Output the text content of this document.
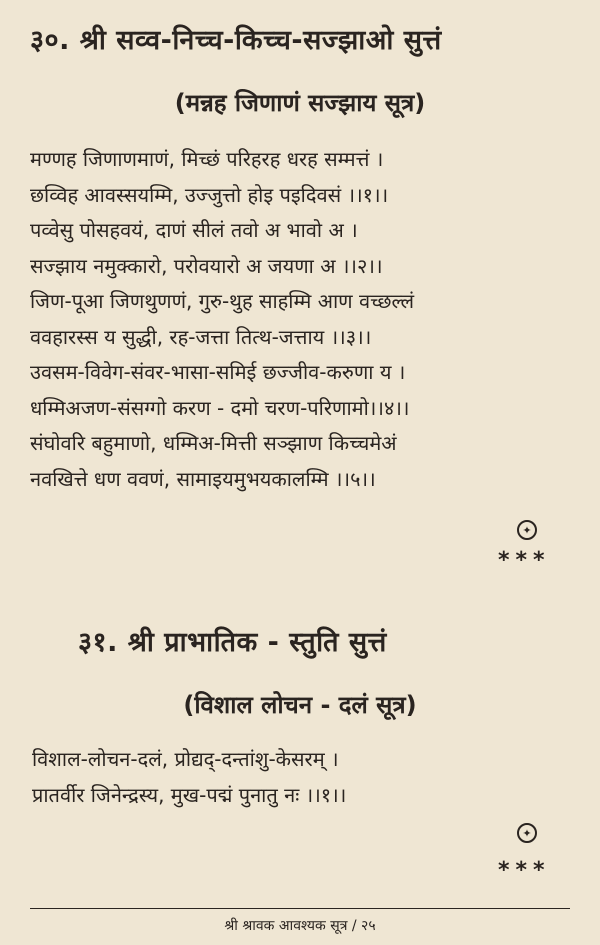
३०. श्री सव्व-निच्च-किच्च-सज्झाओ सुत्तं
(मन्नह जिणाणं सज्झाय सूत्र)
मण्णह जिणाणमाणं, मिच्छं परिहरह धरह सम्मत्तं ।
छव्विह आवस्सयम्मि, उज्जुत्तो होइ पइदिवसं ।।१।।
पव्वेसु पोसहवयं, दाणं सीलं तवो अ भावो अ ।
सज्झाय नमुक्कारो, परोवयारो अ जयणा अ ।।२।।
जिण-पूआ जिणथुणणं, गुरु-थुह साहम्मि आण वच्छल्लं
ववहारस्स य सुद्धी, रह-जत्ता तित्थ-जत्ताय ।।३।।
उवसम-विवेग-संवर-भासा-समिई छज्जीव-करुणा य ।
धम्मिअजण-संसग्गो करण - दमो चरण-परिणामो।।४।।
संघोवरि बहुमाणो, धम्मिअ-मित्ती सञ्झाण किच्चमेअं
नवखित्ते धण ववणं, सामाइयमुभयकालम्मि ।।५।।
✦
***
३१. श्री प्राभातिक - स्तुति सुत्तं
(विशाल लोचन - दलं सूत्र)
विशाल-लोचन-दलं, प्रोद्यद्-दन्तांशु-केसरम् ।
प्रातर्वीर जिनेन्द्रस्य, मुख-पद्मं पुनातु नः ।।१।।
✦
***
श्री श्रावक आवश्यक सूत्र / २५
